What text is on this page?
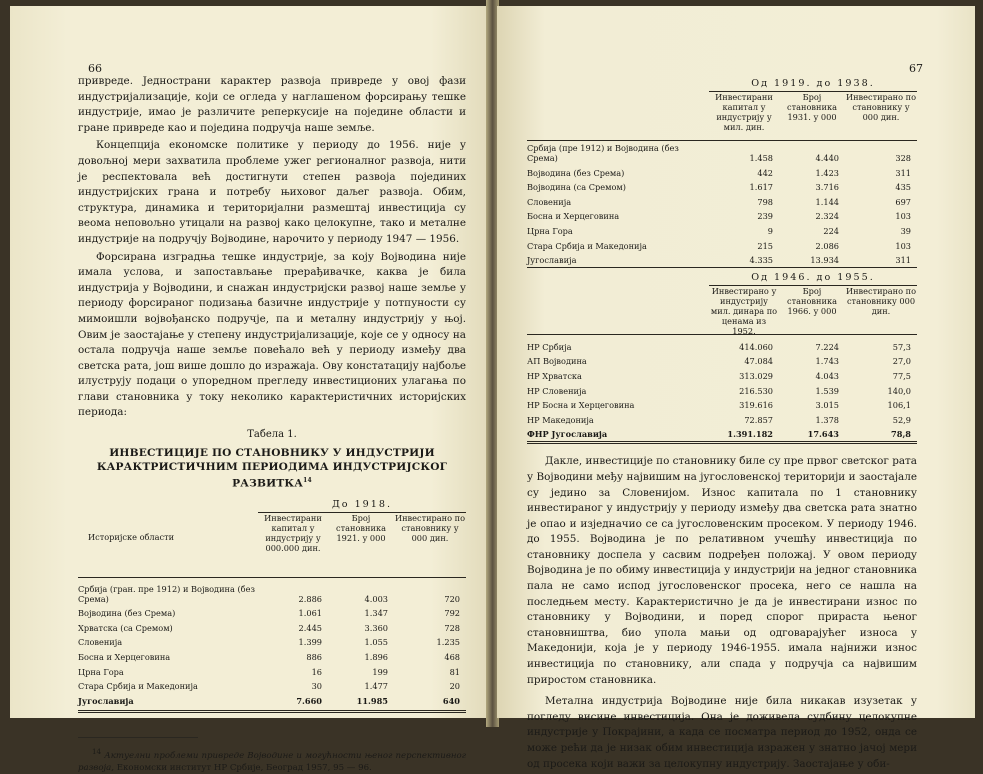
66

привреде. Једнострани карактер развоја привреде у овој фази индустријализације, који се огледа у наглашеном форсирању тешке индустрије, имао је различите реперкусије на поједине области и гране привреде као и поједина подручја наше земље.

Концепција економске политике у периоду до 1956. није у довољној мери захватила проблеме ужег регионалног развоја, нити је респектовала већ достигнути степен развоја појединих индустријских грана и потребу њиховог даљег развоја. Обим, структура, динамика и територијални размештај инвестиција су веома неповољно утицали на развој како целокупне, тако и металне индустрије на подручју Војводине, нарочито у периоду 1947 — 1956.

Форсирана изградња тешке индустрије, за коју Војводина није имала услова, и запостављање прерађивачке, каква је била индустрија у Војводини, и снажан индустријски развој наше земље у периоду форсираног подизања базичне индустрије у потпуности су мимоишли војвођанско подручје, па и металну индустрију у њој. Овим је заостајање у степену индустријализације, које се у односу на остала подручја наше земље повећало већ у периоду између два светска рата, још више дошло до изражаја. Ову констатацију најбоље илуструју подаци о упоредном прегледу инвестиционих улагања по глави становника у току неколико карактеристичних историјских периода:

Табела 1.
ИНВЕСТИЦИЈЕ ПО СТАНОВНИКУ У ИНДУСТРИЈИ КАРАКТРИСТИЧНИМ ПЕРИОДИМА ИНДУСТРИЈСКОГ РАЗВИТКА$^{14}$
До 1918.
Историјске области
Инвестирани капитал у индустрију у 000.000 дин.
Број становника 1921. у 000
Инвестирано по становнику у 000 дин.
Србија (гран. пре 1912) и Војводина (без Срема)	2.886	4.003	720
Војводина (без Срема)	1.061	1.347	792
Хрватска (са Сремом)	2.445	3.360	728
Словенија	1.399	1.055	1.235
Босна и Херцеговина	886	1.896	468
Црна Гора	16	199	81
Стара Србија и Македонија	30	1.477	20
Југославија	7.660	11.985	640
$^{14}$ Актуелни проблеми привреде Војводине и могућности њеног перспективног развоја, Економски институт НР Србије, Београд 1957, 95 — 96.
67
Од 1919. до 1938.
Инвестирани капитал у индустрију у мил. дин.
Број становника 1931. у 000
Инвестирано по становнику у 000 дин.
Србија (пре 1912) и Војводина (без Срема)	1.458	4.440	328
Војводина (без Срема)	442	1.423	311
Војводина (са Сремом)	1.617	3.716	435
Словенија	798	1.144	697
Босна и Херцеговина	239	2.324	103
Црна Гора	9	224	39
Стара Србија и Македонија	215	2.086	103
Југославија	4.335	13.934	311
Од 1946. до 1955.
Инвестирано у индустрију мил. динара по ценама из 1952.
Број становника 1966. у 000
Инвестирано по становнику 000 дин.
НР Србија	414.060	7.224	57,3
АП Војводина	47.084	1.743	27,0
НР Хрватска	313.029	4.043	77,5
НР Словенија	216.530	1.539	140,0
НР Босна и Херцеговина	319.616	3.015	106,1
НР Македонија	72.857	1.378	52,9
ФНР Југославија	1.391.182	17.643	78,8

Дакле, инвестиције по становнику биле су пре првог светског рата у Војводини међу највишим на југословенској територији и заостајале су једино за Словенијом. Износ капитала по 1 становнику инвестираног у индустрију у периоду између два светска рата знатно је опао и изједначио се са југословенским просеком. У периоду 1946. до 1955. Војводина је по релативном учешћу инвестиција по становнику доспела у сасвим подређен положај. У овом периоду Војводина је по обиму инвестиција у индустрији на једног становника пала не само испод југословенског просека, него се нашла на последњем месту. Карактеристично је да је инвестирани износ по становнику у Војводини, и поред спорог прираста њеног становништва, био упола мањи од одговарајућег износа у Македонији, која је у периоду 1946-1955. имала најнижи износ инвестиција по становнику, али спада у подручја са највишим приростом становника.

Метална индустрија Војводине није била никакав изузетак у погледу висине инвестиција. Она је доживела судбину целокупне индустрије у Покрајини, а када се посматра период до 1952, онда се може рећи да је низак обим инвестиција изражен у знатно јачој мери од просека који важи за целокупну индустрију. Заостајање у оби-
